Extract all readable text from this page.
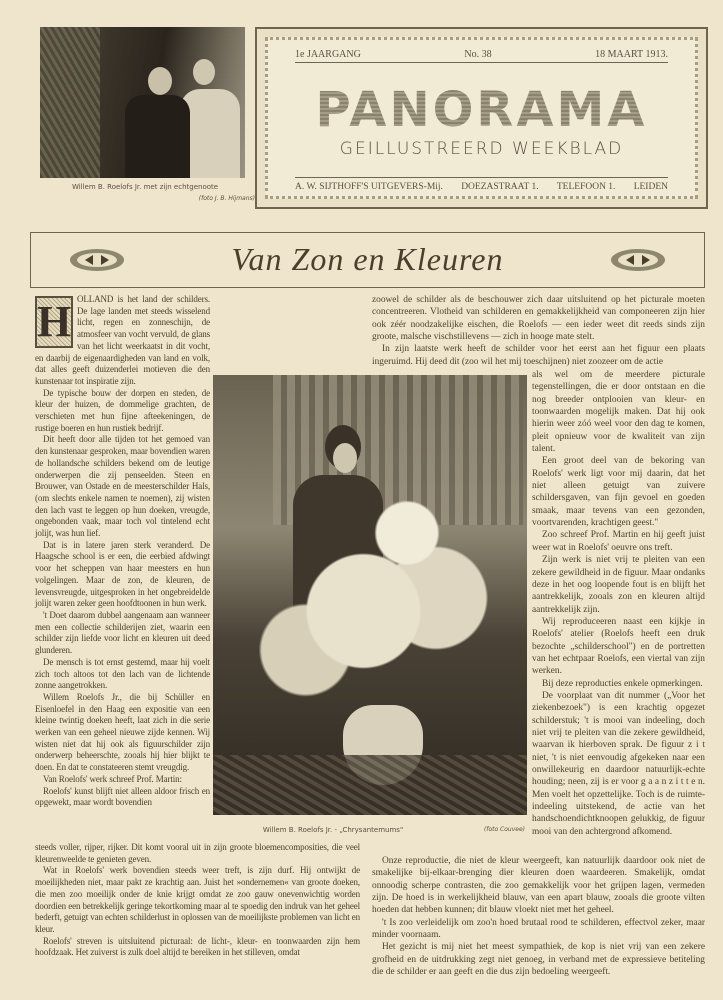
Willem B. Roelofs Jr. met zijn echtgenoote
(foto J. B. Hijmans)
1e JAARGANG	No. 38	18 MAART 1913.
PANORAMA
GEILLUSTREERD WEEKBLAD
A. W. SIJTHOFF'S UITGEVERS-Mij. DOEZASTRAAT 1. TELEFOON 1. LEIDEN
Van Zon en Kleuren

OLLAND is het land der schilders. De lage landen met steeds wisselend licht, regen en zonneschijn, de atmosfeer van vocht vervuld, de glans van het licht weerkaatst in dit vocht, en daarbij de eigenaardigheden van land en volk, dat alles geeft duizenderlei motieven die den kunstenaar tot inspiratie zijn.

De typische bouw der dorpen en steden, de kleur der huizen, de dommelige grachten, de verschieten met hun fijne afteekeningen, de rustige boeren en hun rustiek bedrijf.

Dit heeft door alle tijden tot het gemoed van den kunstenaar gesproken, maar bovendien waren de hollandsche schilders bekend om de leutige onderwerpen die zij penseelden. Steen en Brouwer, van Ostade en de meesterschilder Hals, (om slechts enkele namen te noemen), zij wisten den lach vast te leggen op hun doeken, vreugde, ongebonden vaak, maar toch vol tintelend echt jolijt, was hun lief.

Dat is in latere jaren sterk veranderd. De Haagsche school is er een, die eerbied afdwingt voor het scheppen van haar meesters en hun volgelingen. Maar de zon, de kleuren, de levensvreugde, uitgesproken in het ongebreidelde jolijt waren zeker geen hoofdtoonen in hun werk.

't Doet daarom dubbel aangenaam aan wanneer men een collectie schilderijen ziet, waarin een schilder zijn liefde voor licht en kleuren uit deed glunderen.

De mensch is tot ernst gestemd, maar hij voelt zich toch altoos tot den lach van de lichtende zonne aangetrokken.

Willem Roelofs Jr., die bij Schüller en Eisenloefel in den Haag een expositie van een kleine twintig doeken heeft, laat zich in die serie werken van een geheel nieuwe zijde kennen. Wij wisten niet dat hij ook als figuurschilder zijn onderwerp beheerschte, zooals hij hier blijkt te doen. En dat te constateeren stemt vreugdig.

Van Roelofs' werk schreef Prof. Martin:

Roelofs' kunst blijft niet alleen aldoor frisch en opgewekt, maar wordt bovendien

steeds voller, rijper, rijker. Dit komt vooral uit in zijn groote bloemencomposities, die veel kleurenweelde te genieten geven.

Wat in Roelofs' werk bovendien steeds weer treft, is zijn durf. Hij ontwijkt de moeilijkheden niet, maar pakt ze krachtig aan. Juist het »ondernemen« van groote doeken, die men zoo moeilijk onder de knie krijgt omdat ze zoo gauw onevenwichtig worden doordien een betrekkelijk geringe tekortkoming maar al te spoedig den indruk van het geheel bederft, getuigt van echten schilderlust in oplossen van de moeilijkste problemen van licht en kleur.

Roelofs' streven is uitsluitend picturaal: de licht-, kleur- en toonwaarden zijn hem hoofdzaak. Het zuiverst is zulk doel altijd te bereiken in het stilleven, omdat

H	zoowel de schilder als de beschouwer zich daar uitsluitend op het picturale moeten concentreeren. Vlotheid van schilderen en gemakkelijkheid van componeeren zijn hier ook zéér noodzakelijke eischen, die Roelofs — een ieder weet dit reeds sinds zijn groote, malsche vischstillevens — zich in hooge mate stelt.

In zijn laatste werk heeft de schilder voor het eerst aan het figuur een plaats ingeruimd. Hij deed dit (zoo wil het mij toeschijnen) niet zoozeer om de actie

Willem B. Roelofs Jr. - „Chrysantemums"	(foto Couvee)

als wel om de meerdere picturale tegenstellingen, die er door ontstaan en die nog breeder ontplooien van kleur- en toonwaarden mogelijk maken. Dat hij ook hierin weer zóó weel voor den dag te komen, pleit opnieuw voor de kwaliteit van zijn talent.

Een groot deel van de bekoring van Roelofs' werk ligt voor mij daarin, dat het niet alleen getuigt van zuivere schildersgaven, van fijn gevoel en goeden smaak, maar tevens van een gezonden, voortvarenden, krachtigen geest."

Zoo schreef Prof. Martin en hij geeft juist weer wat in Roelofs' oeuvre ons treft.

Zijn werk is niet vrij te pleiten van een zekere gewildheid in de figuur. Maar ondanks deze in het oog loopende fout is en blijft het aantrekkelijk, zooals zon en kleuren altijd aantrekkelijk zijn.

Wij reproduceeren naast een kijkje in Roelofs' atelier (Roelofs heeft een druk bezochte „schilderschool") en de portretten van het echtpaar Roelofs, een viertal van zijn werken.

Bij deze reproducties enkele opmerkingen.

De voorplaat van dit nummer („Voor het ziekenbezoek") is een krachtig opgezet schilderstuk; 't is mooi van indeeling, doch niet vrij te pleiten van die zekere gewildheid, waarvan ik hierboven sprak. De figuur z i t niet, 't is niet eenvoudig afgekeken naar een onwillekeurig en daardoor natuurlijk-echte houding; neen, zij is er voor g a a n z i t t e n. Men voelt het opzettelijke. Toch is de ruimte-indeeling uitstekend, de actie van het handschoendichtknoopen gelukkig, de figuur mooi van den achtergrond afkomend.

Onze reproductie, die niet de kleur weergeeft, kan natuurlijk daardoor ook niet de smakelijke bij-elkaar-brenging dier kleuren doen waardeeren. Smakelijk, omdat onnoodig scherpe contrasten, die zoo gemakkelijk voor het grijpen lagen, vermeden zijn. De hoed is in werkelijkheid blauw, van een apart blauw, zooals die groote vilten hoeden dat hebben kunnen; dit blauw vloekt niet met het geheel.

't Is zoo verleidelijk om zoo'n hoed brutaal rood te schilderen, effectvol zeker, maar minder voornaam.

Het gezicht is mij niet het meest sympathiek, de kop is niet vrij van een zekere grofheid en de uitdrukking zegt niet genoeg, in verband met de expressieve betiteling die de schilder er aan geeft en die dus zijn bedoeling weergeeft.
